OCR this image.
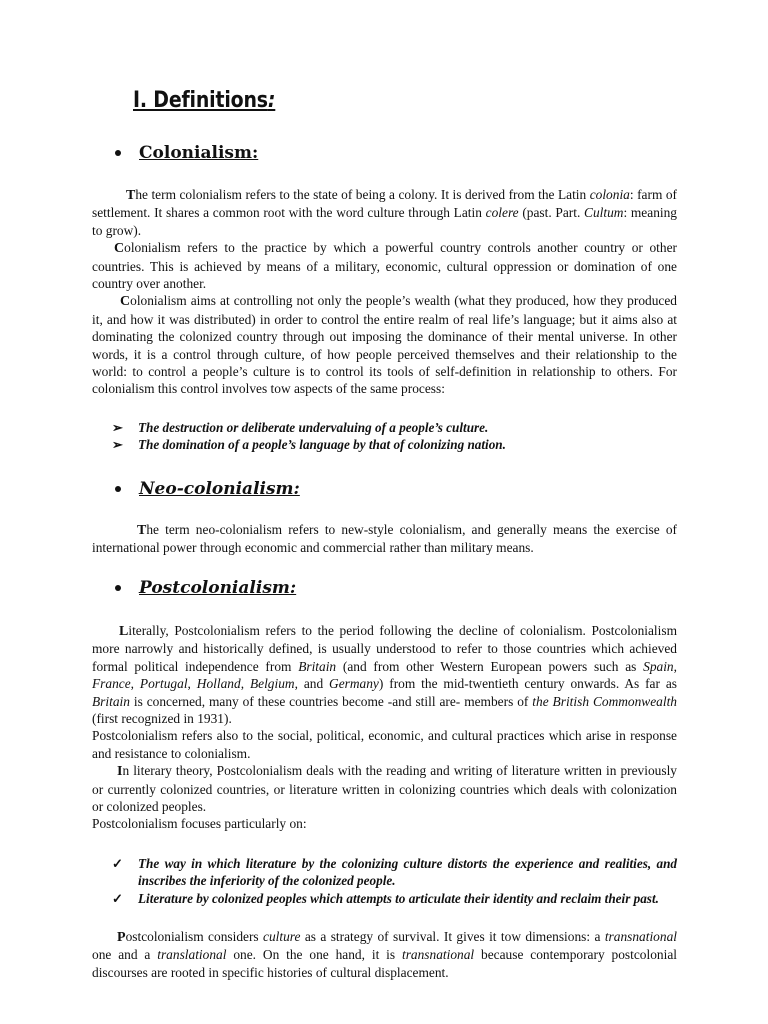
I. Definitions:
Colonialism:

The term colonialism refers to the state of being a colony. It is derived from the Latin colonia: farm of settlement. It shares a common root with the word culture through Latin colere (past. Part. Cultum: meaning to grow).

Colonialism refers to the practice by which a powerful country controls another country or other countries. This is achieved by means of a military, economic, cultural oppression or domination of one country over another.

Colonialism aims at controlling not only the people’s wealth (what they produced, how they produced it, and how it was distributed) in order to control the entire realm of real life’s language; but it aims also at dominating the colonized country through out imposing the dominance of their mental universe. In other words, it is a control through culture, of how people perceived themselves and their relationship to the world: to control a people’s culture is to control its tools of self-definition in relationship to others. For colonialism this control involves tow aspects of the same process:

➢ The destruction or deliberate undervaluing of a people’s culture.
➢ The domination of a people’s language by that of colonizing nation.
Neo-colonialism:

The term neo-colonialism refers to new-style colonialism, and generally means the exercise of international power through economic and commercial rather than military means.

Postcolonialism:

Literally, Postcolonialism refers to the period following the decline of colonialism. Postcolonialism more narrowly and historically defined, is usually understood to refer to those countries which achieved formal political independence from Britain (and from other Western European powers such as Spain, France, Portugal, Holland, Belgium, and Germany) from the mid-twentieth century onwards. As far as Britain is concerned, many of these countries become -and still are- members of the British Commonwealth (first recognized in 1931).

Postcolonialism refers also to the social, political, economic, and cultural practices which arise in response and resistance to colonialism.

In literary theory, Postcolonialism deals with the reading and writing of literature written in previously or currently colonized countries, or literature written in colonizing countries which deals with colonization or colonized peoples.

Postcolonialism focuses particularly on:

✓ The way in which literature by the colonizing culture distorts the experience and realities, and inscribes the inferiority of the colonized people.
✓ Literature by colonized peoples which attempts to articulate their identity and reclaim their past.

Postcolonialism considers culture as a strategy of survival. It gives it tow dimensions: a transnational one and a translational one. On the one hand, it is transnational because contemporary postcolonial discourses are rooted in specific histories of cultural displacement.
